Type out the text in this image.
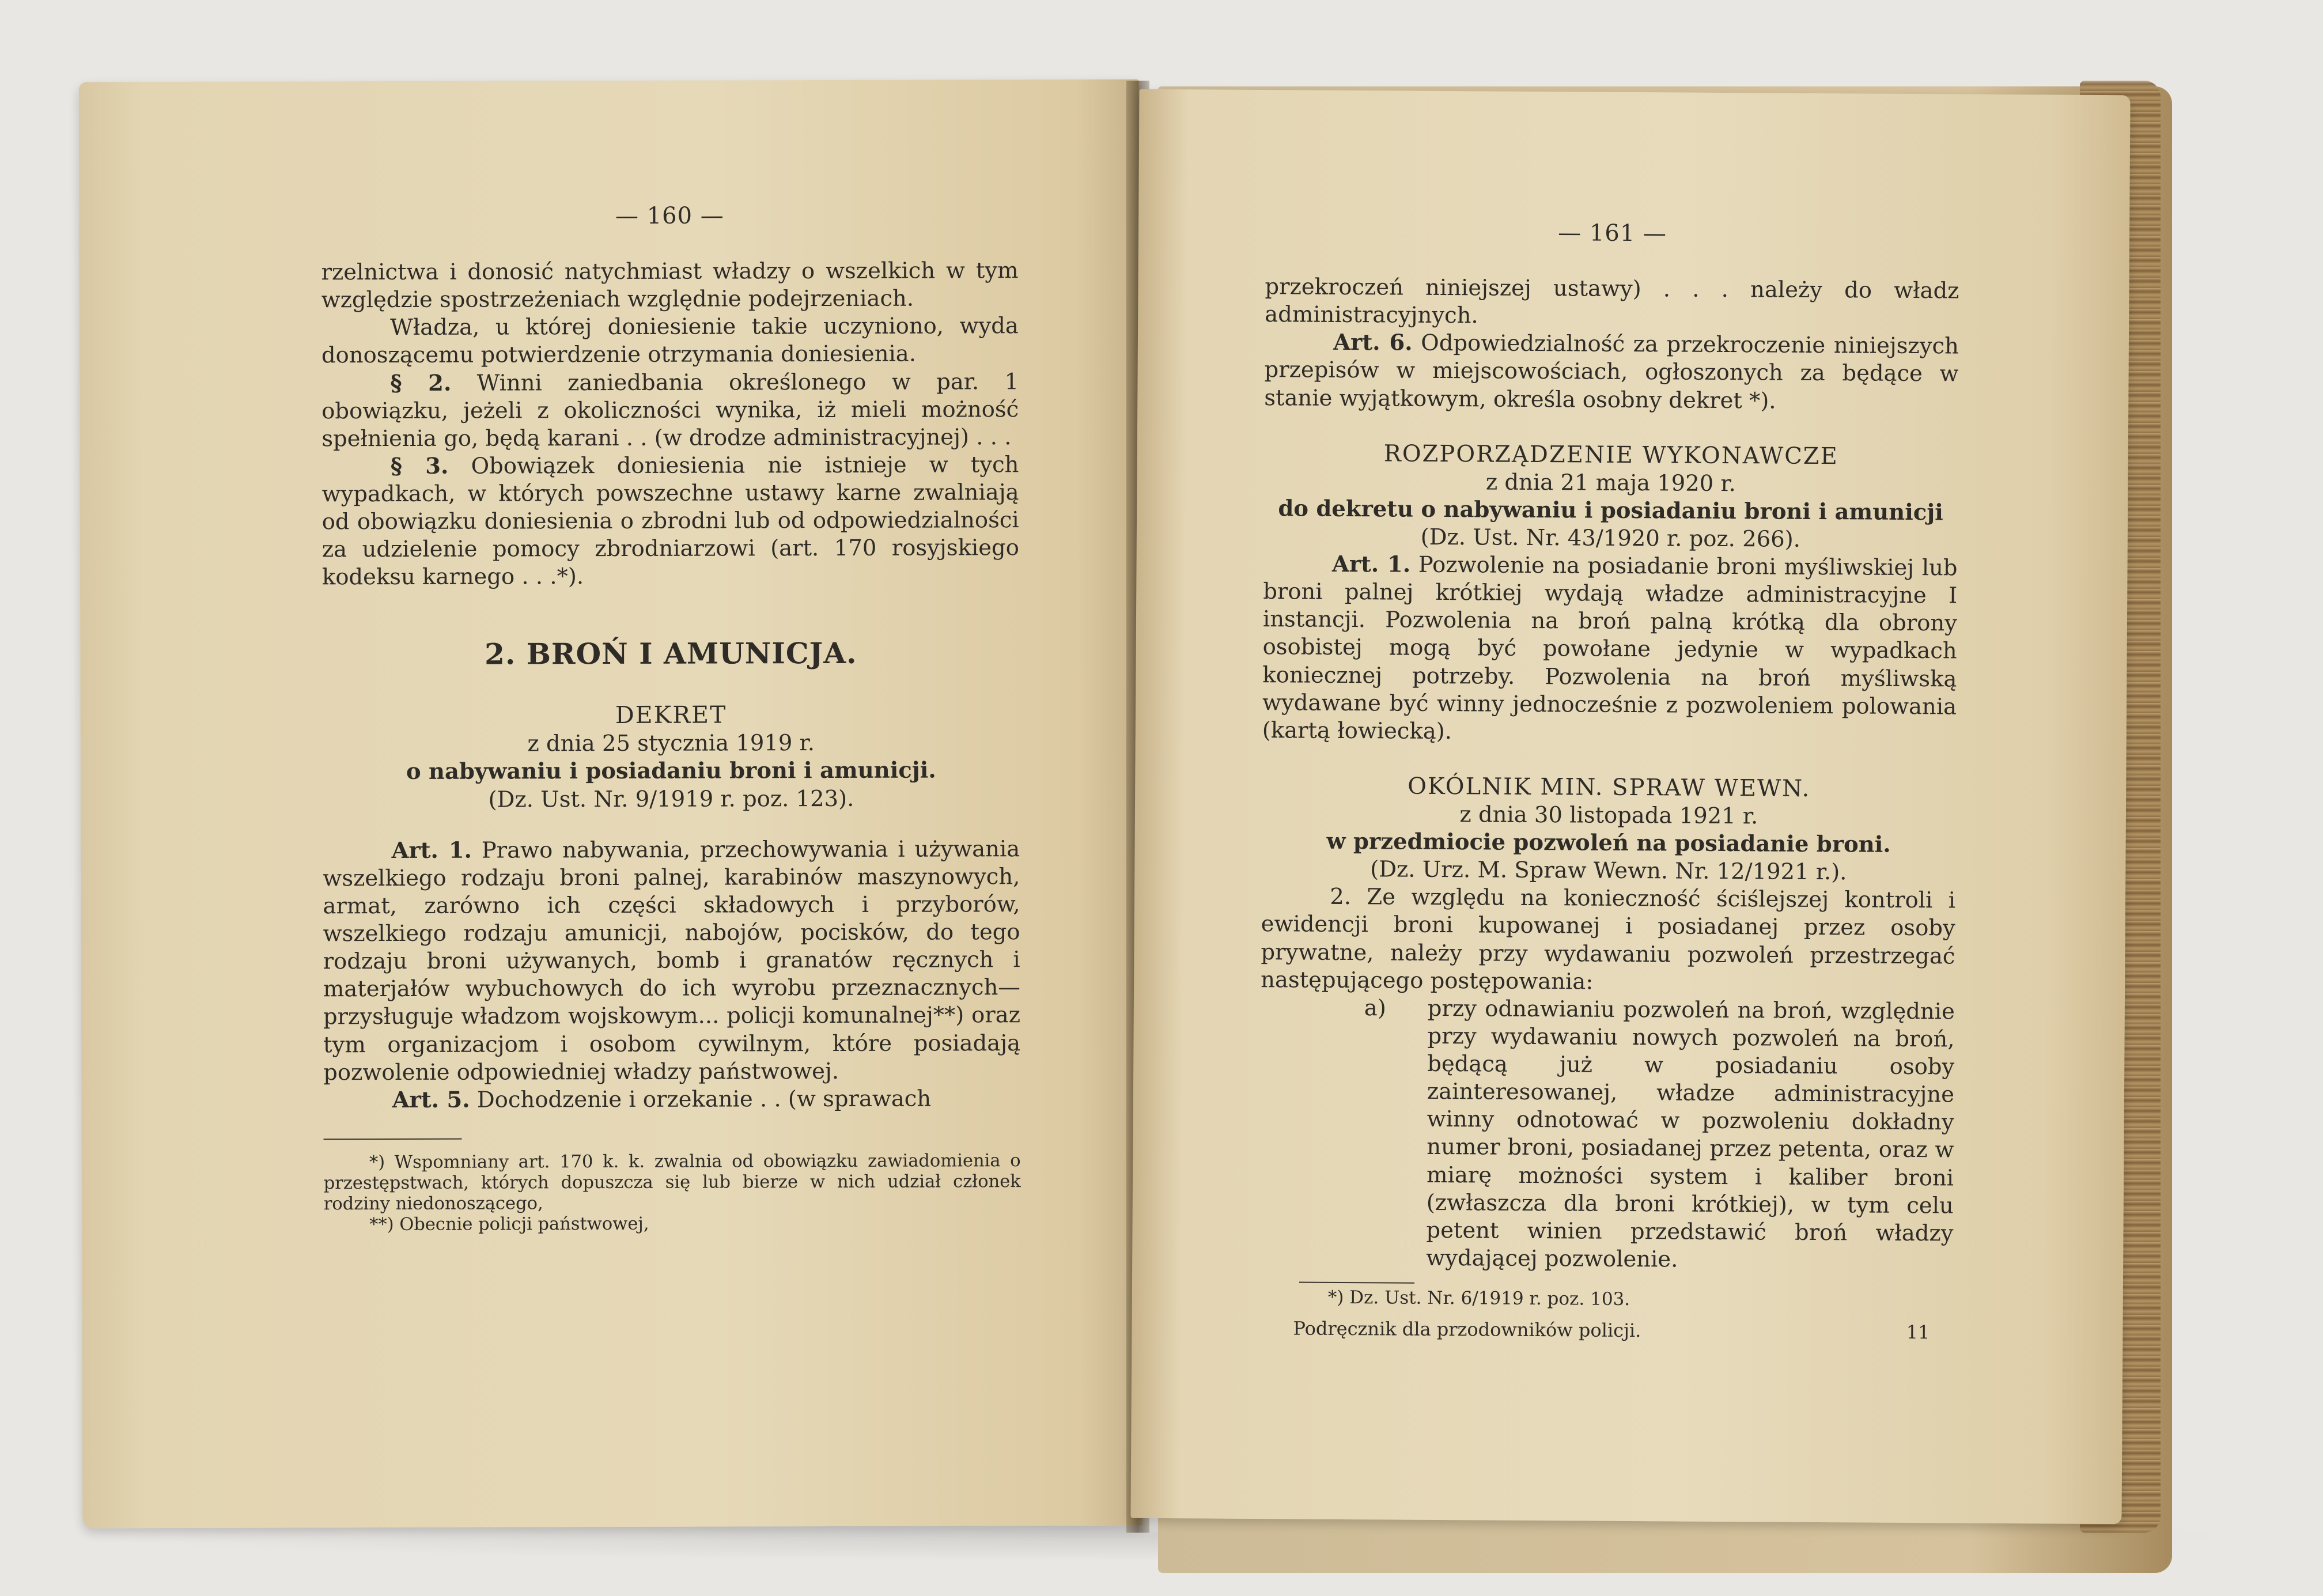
— 160 —

rzelnictwa i donosić natychmiast władzy o wszelkich w tym względzie spostrzeżeniach względnie podejrzeniach.

Władza, u której doniesienie takie uczyniono, wyda donoszącemu potwierdzenie otrzymania doniesienia.

§ 2. Winni zaniedbania określonego w par. 1 obowiązku, jeżeli z okoliczności wynika, iż mieli możność spełnienia go, będą karani . . (w drodze administracyjnej) . . .

§ 3. Obowiązek doniesienia nie istnieje w tych wypadkach, w których powszechne ustawy karne zwalniają od obowiązku doniesienia o zbrodni lub od odpowiedzialności za udzielenie pomocy zbrodniarzowi (art. 170 rosyjskiego kodeksu karnego . . .*).

2. BROŃ I AMUNICJA.

DEKRET

z dnia 25 stycznia 1919 r.

o nabywaniu i posiadaniu broni i amunicji.

(Dz. Ust. Nr. 9/1919 r. poz. 123).

Art. 1. Prawo nabywania, przechowywania i używania wszelkiego rodzaju broni palnej, karabinów maszynowych, armat, zarówno ich części składowych i przyborów, wszelkiego rodzaju amunicji, nabojów, pocisków, do tego rodzaju broni używanych, bomb i granatów ręcznych i materjałów wybuchowych do ich wyrobu przeznacznych—przysługuje władzom wojskowym... policji komunalnej**) oraz tym organizacjom i osobom cywilnym, które posiadają pozwolenie odpowiedniej władzy państwowej.

Art. 5. Dochodzenie i orzekanie . . (w sprawach

*) Wspomniany art. 170 k. k. zwalnia od obowiązku zawiadomienia o przestępstwach, których dopuszcza się lub bierze w nich udział członek rodziny niedonoszącego,

**) Obecnie policji państwowej,

— 161 —

przekroczeń niniejszej ustawy) . . . należy do władz administracyjnych.

Art. 6. Odpowiedzialność za przekroczenie niniejszych przepisów w miejscowościach, ogłoszonych za będące w stanie wyjątkowym, określa osobny dekret *).

ROZPORZĄDZENIE WYKONAWCZE

z dnia 21 maja 1920 r.

do dekretu o nabywaniu i posiadaniu broni i amunicji

(Dz. Ust. Nr. 43/1920 r. poz. 266).

Art. 1. Pozwolenie na posiadanie broni myśliwskiej lub broni palnej krótkiej wydają władze administracyjne I instancji. Pozwolenia na broń palną krótką dla obrony osobistej mogą być powołane jedynie w wypadkach koniecznej potrzeby. Pozwolenia na broń myśliwską wydawane być winny jednocześnie z pozwoleniem polowania (kartą łowiecką).

OKÓLNIK MIN. SPRAW WEWN.

z dnia 30 listopada 1921 r.

w przedmiocie pozwoleń na posiadanie broni.

(Dz. Urz. M. Spraw Wewn. Nr. 12/1921 r.).

2. Ze względu na konieczność ściślejszej kontroli i ewidencji broni kupowanej i posiadanej przez osoby prywatne, należy przy wydawaniu pozwoleń przestrzegać następującego postępowania:

a)	przy odnawianiu pozwoleń na broń, względnie przy wydawaniu nowych pozwoleń na broń, będącą już w posiadaniu osoby zainteresowanej, władze administracyjne winny odnotować w pozwoleniu dokładny numer broni, posiadanej przez petenta, oraz w miarę możności system i kaliber broni (zwłaszcza dla broni krótkiej), w tym celu petent winien przedstawić broń władzy wydającej pozwolenie.

*) Dz. Ust. Nr. 6/1919 r. poz. 103.

Podręcznik dla przodowników policji.	11
